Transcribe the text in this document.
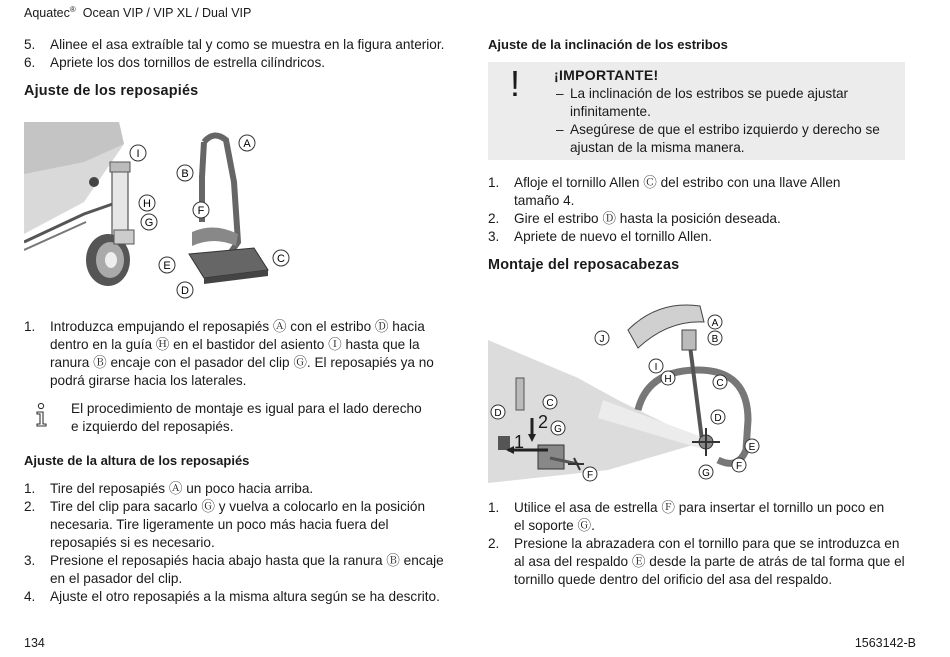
Aquatec® Ocean VIP / VIP XL / Dual VIP
5. Alinee el asa extraíble tal y como se muestra en la figura anterior.
6. Apriete los dos tornillos de estrella cilíndricos.
Ajuste de los reposapiés
I
A
B
H
G
F
C
E
D
1. Introduzca empujando el reposapiés Ⓐ con el estribo Ⓓ hacia
dentro en la guía Ⓗ en el bastidor del asiento Ⓘ hasta que la
ranura Ⓑ encaje con el pasador del clip Ⓖ. El reposapiés ya no
podrá girarse hacia los laterales.
El procedimiento de montaje es igual para el lado derecho
e izquierdo del reposapiés.
Ajuste de la altura de los reposapiés
1. Tire del reposapiés Ⓐ un poco hacia arriba.
2. Tire del clip para sacarlo Ⓖ y vuelva a colocarlo en la posición
necesaria. Tire ligeramente un poco más hacia fuera del
reposapiés si es necesario.
3. Presione el reposapiés hacia abajo hasta que la ranura Ⓑ encaje
en el pasador del clip.
4. Ajuste el otro reposapiés a la misma altura según se ha descrito.
Ajuste de la inclinación de los estribos
! ¡IMPORTANTE!
– La inclinación de los estribos se puede ajustar
infinitamente.
– Asegúrese de que el estribo izquierdo y derecho se
ajustan de la misma manera.
1. Afloje el tornillo Allen Ⓒ del estribo con una llave Allen
tamaño 4.
2. Gire el estribo Ⓓ hasta la posición deseada.
3. Apriete de nuevo el tornillo Allen.
Montaje del reposacabezas
J
A
B
I
H	C
D
C
G
E
F
G
F
D
1
2
1. Utilice el asa de estrella Ⓕ para insertar el tornillo un poco en
el soporte Ⓖ.
2. Presione la abrazadera con el tornillo para que se introduzca en
al asa del respaldo Ⓔ desde la parte de atrás de tal forma que el
tornillo quede dentro del orificio del asa del respaldo.
134	1563142-B
